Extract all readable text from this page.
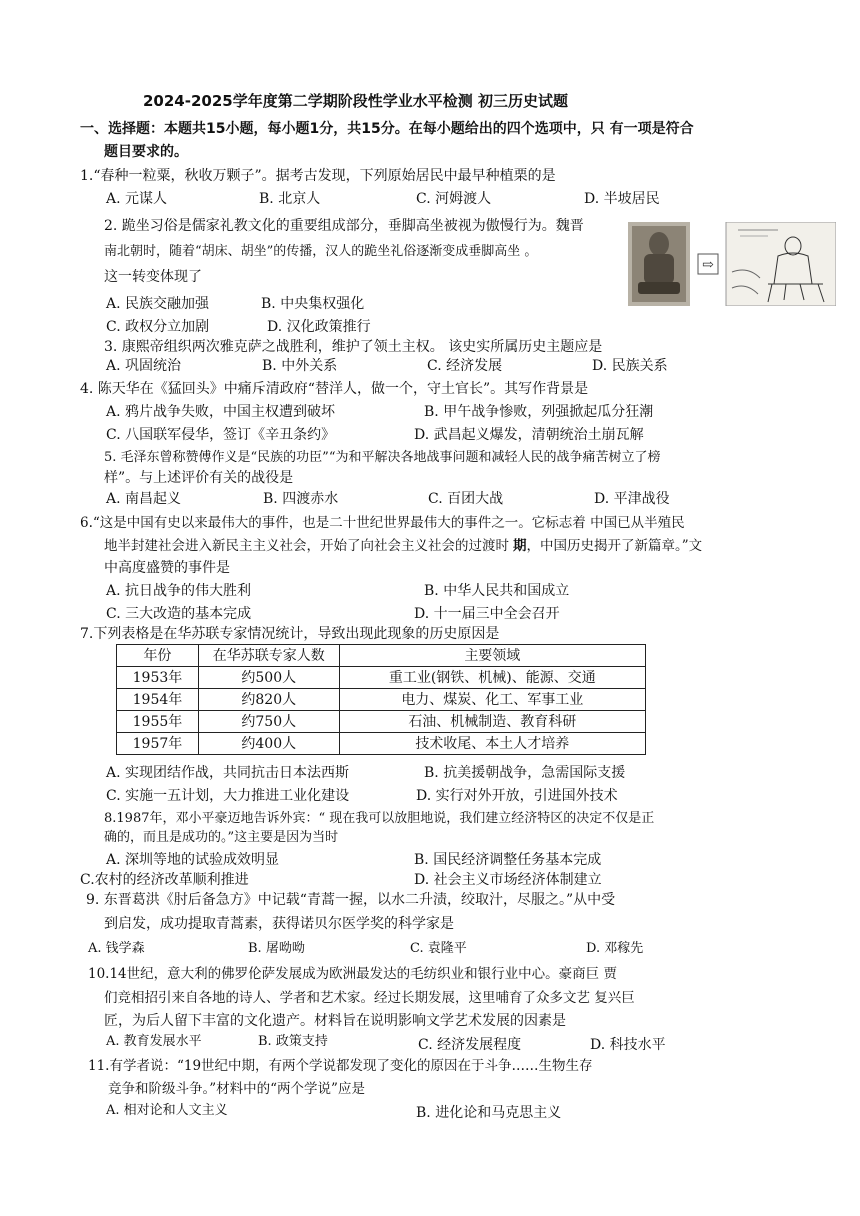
2024-2025学年度第二学期阶段性学业水平检测 初三历史试题
一、选择题：本题共15小题，每小题1分，共15分。在每小题给出的四个选项中，只 有一项是符合
题目要求的。
1.“春种一粒粟，秋收万颗子”。据考古发现，下列原始居民中最早种植栗的是
A. 元谋人	B. 北京人	C. 河姆渡人	D. 半坡居民
2. 跪坐习俗是儒家礼教文化的重要组成部分，垂脚高坐被视为傲慢行为。魏晋
南北朝时，随着“胡床、胡坐”的传播，汉人的跪坐礼俗逐渐变成垂脚高坐 。
这一转变体现了
⇨
A. 民族交融加强	B. 中央集权强化
C. 政权分立加剧	D. 汉化政策推行
3. 康熙帝组织两次雅克萨之战胜利，维护了领土主权。 该史实所属历史主题应是
A. 巩固统治	B. 中外关系	C. 经济发展	D. 民族关系
4. 陈天华在《猛回头》中痛斥清政府“替洋人，做一个，守土官长”。其写作背景是
A. 鸦片战争失败，中国主权遭到破坏	B. 甲午战争惨败，列强掀起瓜分狂潮
C. 八国联军侵华，签订《辛丑条约》	D. 武昌起义爆发，清朝统治土崩瓦解
5. 毛泽东曾称赞傅作义是“民族的功臣”“为和平解决各地战事问题和减轻人民的战争痛苦树立了榜
样”。与上述评价有关的战役是
A. 南昌起义	B. 四渡赤水	C. 百团大战	D. 平津战役
6.“这是中国有史以来最伟大的事件，也是二十世纪世界最伟大的事件之一。它标志着 中国已从半殖民
地半封建社会进入新民主主义社会，开始了向社会主义社会的过渡时 期，中国历史揭开了新篇章。”文
中高度盛赞的事件是
A. 抗日战争的伟大胜利	B. 中华人民共和国成立
C. 三大改造的基本完成	D. 十一届三中全会召开
7.下列表格是在华苏联专家情况统计，导致出现此现象的历史原因是
年份	在华苏联专家人数	主要领域
1953年	约500人	重工业(钢铁、机械)、能源、交通
1954年	约820人	电力、煤炭、化工、军事工业
1955年	约750人	石油、机械制造、教育科研
1957年	约400人	技术收尾、本土人才培养
A. 实现团结作战，共同抗击日本法西斯	B. 抗美援朝战争，急需国际支援
C. 实施一五计划，大力推进工业化建设	D. 实行对外开放，引进国外技术
8.1987年，邓小平豪迈地告诉外宾：“ 现在我可以放胆地说，我们建立经济特区的决定不仅是正
确的，而且是成功的。”这主要是因为当时
A. 深圳等地的试验成效明显	B. 国民经济调整任务基本完成
C.农村的经济改革顺利推进	D. 社会主义市场经济体制建立
9. 东晋葛洪《肘后备急方》中记载“青蒿一握，以水二升渍，绞取汁，尽服之。”从中受
到启发，成功提取青蒿素，获得诺贝尔医学奖的科学家是
A. 钱学森	B. 屠呦呦	C. 袁隆平	D. 邓稼先
10.14世纪，意大利的佛罗伦萨发展成为欧洲最发达的毛纺织业和银行业中心。豪商巨 贾
们竞相招引来自各地的诗人、学者和艺术家。经过长期发展，这里哺育了众多文艺 复兴巨
匠，为后人留下丰富的文化遗产。材料旨在说明影响文学艺术发展的因素是
A. 教育发展水平	B. 政策支持	C. 经济发展程度	D. 科技水平
11.有学者说：“19世纪中期，有两个学说都发现了变化的原因在于斗争……生物生存
竞争和阶级斗争。”材料中的“两个学说”应是
A. 相对论和人文主义	B. 进化论和马克思主义
